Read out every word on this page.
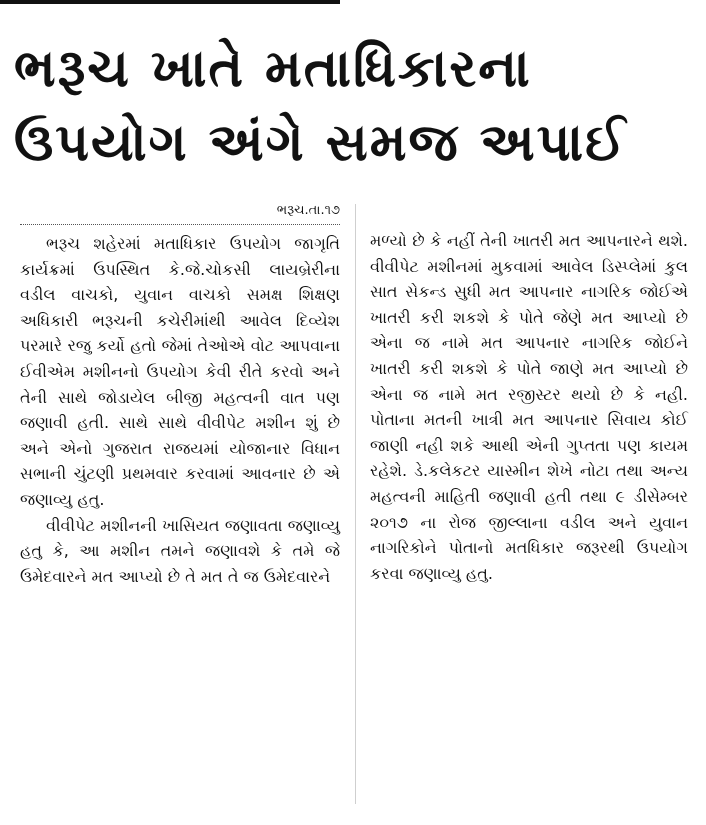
ભરૂચ ખાતે મતાધિકારના
ઉપયોગ અંગે સમજ અપાઈ
ભરૂચ.તા.૧૭

ભરૂચ શહેરમાં મતાધિકાર ઉપયોગ જાગૃતિ કાર્યક્રમાં ઉપસ્થિત કે.જે.ચોકસી લાયબ્રેરીના વડીલ વાચકો, યુવાન વાચકો સમક્ષ શિક્ષણ અધિકારી ભરૂચની કચેરીમાંથી આવેલ દિવ્યેશ પરમારે રજુ કર્યો હતો જેમાં તેઓએ વોટ આપવાના ઈવીએમ મશીનનો ઉપયોગ કેવી રીતે કરવો અને તેની સાથે જોડાયેલ બીજી મહત્વની વાત પણ જણાવી હતી. સાથે સાથે વીવીપેટ મશીન શું છે અને એનો ગુજરાત રાજયમાં યોજાનાર વિધાન સભાની ચુંટણી પ્રથમવાર કરવામાં આવનાર છે એ જણાવ્યુ હતુ.

વીવીપેટ મશીનની ખાસિયત જણાવતા જણાવ્યુ હતુ કે, આ મશીન તમને જણાવશે કે તમે જે ઉમેદવારને મત આપ્યો છે તે મત તે જ ઉમેદવારને

મળ્યો છે કે નહીં તેની ખાતરી મત આપનારને થશે. વીવીપેટ મશીનમાં મુકવામાં આવેલ ડિસ્પ્લેમાં કુલ સાત સેકન્ડ સુધી મત આપનાર નાગરિક જોઈએ ખાતરી કરી શકશે કે પોતે જેણે મત આપ્યો છે એના જ નામે મત આપનાર નાગરિક જોઈને ખાતરી કરી શકશે કે પોતે જાણે મત આપ્યો છે એના જ નામે મત રજીસ્ટર થયો છે કે નહી. પોતાના મતની ખાત્રી મત આપનાર સિવાય કોઈ જાણી નહી શકે આથી એની ગુપ્તતા પણ કાયમ રહેશે. ડે.કલેકટર યાસ્મીન શેખે નોટા તથા અન્ય મહત્વની માહિતી જણાવી હતી તથા ૯ ડીસેમ્બર ૨૦૧૭ ના રોજ જીલ્લાના વડીલ અને યુવાન નાગરિકોને પોતાનો મતધિકાર જરૂરથી ઉપયોગ કરવા જણાવ્યુ હતુ.
